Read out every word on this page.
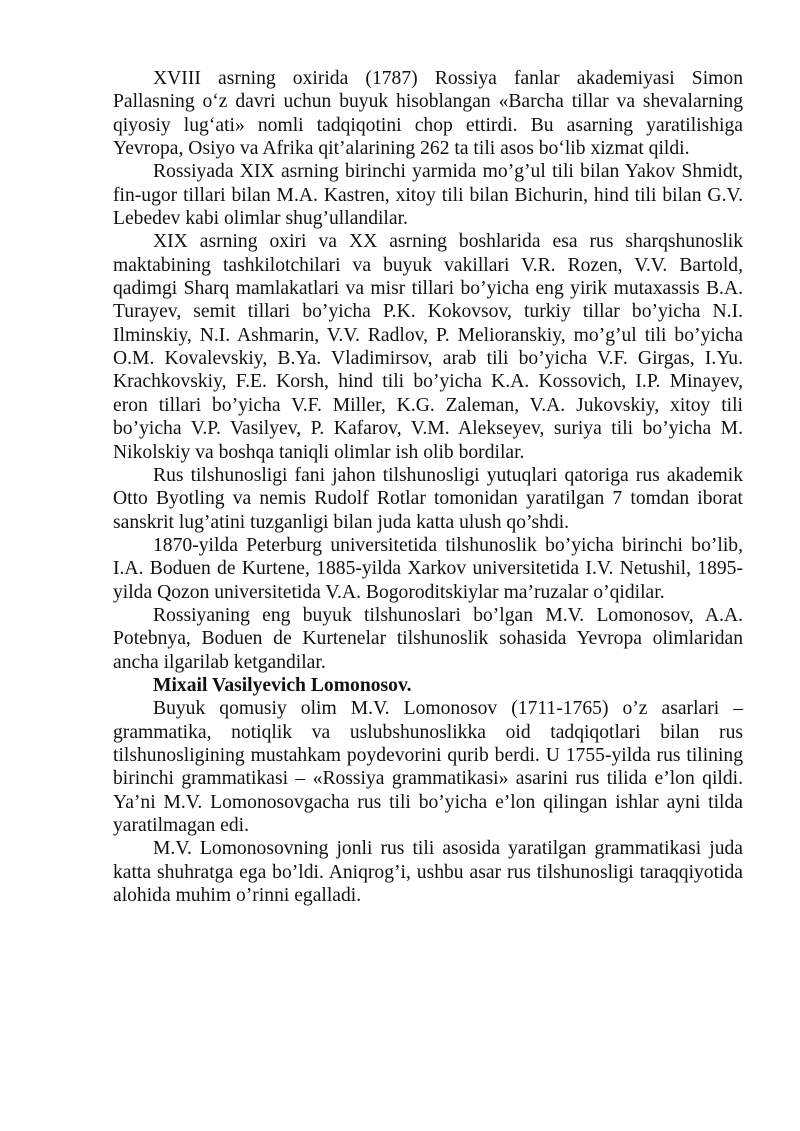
XVIII asrning oxirida (1787) Rossiya fanlar akademiyasi Simon Pallasning o‘z davri uchun buyuk hisoblangan «Barcha tillar va shevalarning qiyosiy lug‘ati» nomli tadqiqotini chop ettirdi. Bu asarning yaratilishiga Yevropa, Osiyo va Afrika qit’alarining 262 ta tili asos bo‘lib xizmat qildi.

Rossiyada XIX asrning birinchi yarmida mo’g’ul tili bilan Yakov Shmidt, fin-ugor tillari bilan M.A. Kastren, xitoy tili bilan Bichurin, hind tili bilan G.V. Lebedev kabi olimlar shug’ullandilar.

XIX asrning oxiri va XX asrning boshlarida esa rus sharqshunoslik maktabining tashkilotchilari va buyuk vakillari V.R. Rozen, V.V. Bartold, qadimgi Sharq mamlakatlari va misr tillari bo’yicha eng yirik mutaxassis B.A. Turayev, semit tillari bo’yicha P.K. Kokovsov, turkiy tillar bo’yicha N.I. Ilminskiy, N.I. Ashmarin, V.V. Radlov, P. Melioranskiy, mo’g’ul tili bo’yicha O.M. Kovalevskiy, B.Ya. Vladimirsov, arab tili bo’yicha V.F. Girgas, I.Yu. Krachkovskiy, F.E. Korsh, hind tili bo’yicha K.A. Kossovich, I.P. Minayev, eron tillari bo’yicha V.F. Miller, K.G. Zaleman, V.A. Jukovskiy, xitoy tili bo’yicha V.P. Vasilyev, P. Kafarov, V.M. Alekseyev, suriya tili bo’yicha M. Nikolskiy va boshqa taniqli olimlar ish olib bordilar.

Rus tilshunosligi fani jahon tilshunosligi yutuqlari qatoriga rus akademik Otto Byotling va nemis Rudolf Rotlar tomonidan yaratilgan 7 tomdan iborat sanskrit lug’atini tuzganligi bilan juda katta ulush qo’shdi.

1870-yilda Peterburg universitetida tilshunoslik bo’yicha birinchi bo’lib, I.A. Boduen de Kurtene, 1885-yilda Xarkov universitetida I.V. Netushil, 1895-yilda Qozon universitetida V.A. Bogoroditskiylar ma’ruzalar o’qidilar.

Rossiyaning eng buyuk tilshunoslari bo’lgan M.V. Lomonosov, A.A. Potebnya, Boduen de Kurtenelar tilshunoslik sohasida Yevropa olimlaridan ancha ilgarilab ketgandilar.

Mixail Vasilyevich Lomonosov.

Buyuk qomusiy olim M.V. Lomonosov (1711-1765) o’z asarlari – grammatika, notiqlik va uslubshunoslikka oid tadqiqotlari bilan rus tilshunosligining mustahkam poydevorini qurib berdi. U 1755-yilda rus tilining birinchi grammatikasi – «Rossiya grammatikasi» asarini rus tilida e’lon qildi. Ya’ni M.V. Lomonosovgacha rus tili bo’yicha e’lon qilingan ishlar ayni tilda yaratilmagan edi.

M.V. Lomonosovning jonli rus tili asosida yaratilgan grammatikasi juda katta shuhratga ega bo’ldi. Aniqrog’i, ushbu asar rus tilshunosligi taraqqiyotida alohida muhim o’rinni egalladi.
